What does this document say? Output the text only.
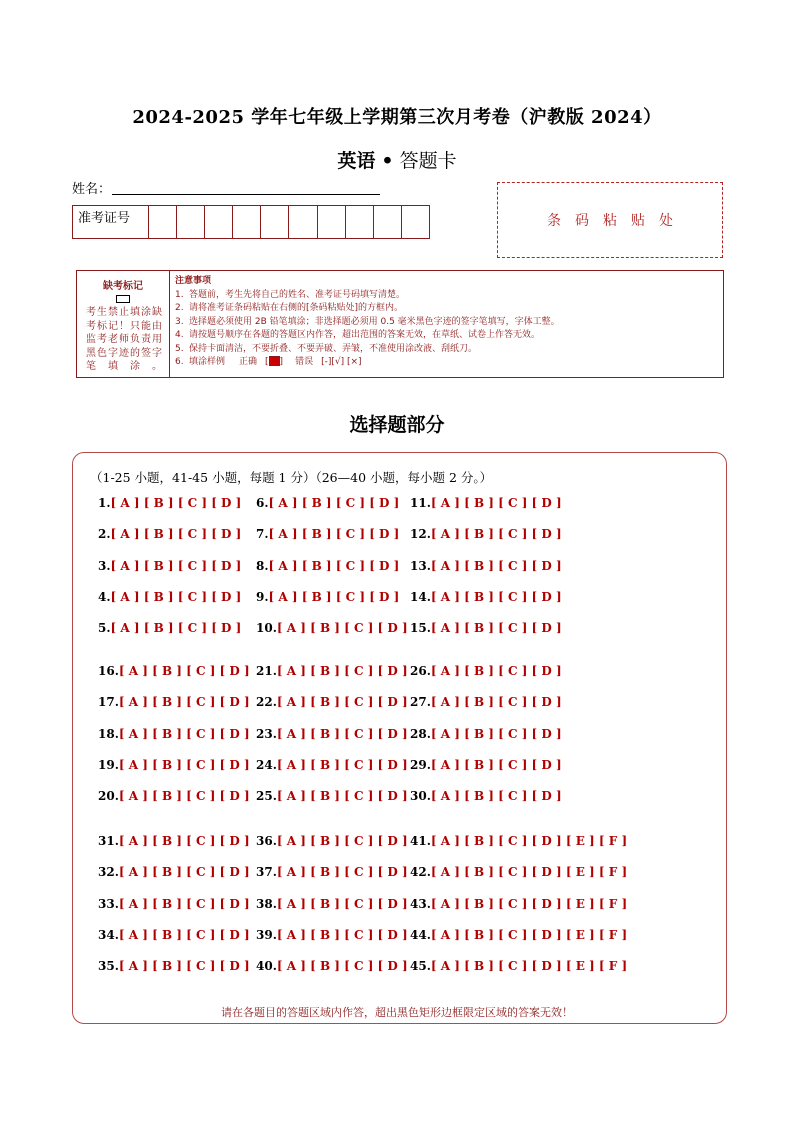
2024-2025 学年七年级上学期第三次月考卷（沪教版 2024）
英语 • 答题卡
姓名：
准考证号	条码粘贴处
缺考标记
考生禁止填涂缺考标记！只能由监考老师负责用黑色字迹的签字笔填涂。
注意事项
1. 答题前，考生先将自己的姓名、准考证号码填写清楚。
2. 请将准考证条码粘贴在右侧的[条码粘贴处]的方框内。
3. 选择题必须使用 2B 铅笔填涂；非选择题必须用 0.5 毫米黑色字迹的签字笔填写，字体工整。
4. 请按题号顺序在各题的答题区内作答，超出范围的答案无效，在草纸、试卷上作答无效。
5. 保持卡面清洁，不要折叠、不要弄破、弄皱，不准使用涂改液、刮纸刀。
6. 填涂样例 正确 [ ] 错误 [-][√] [×]
选择题部分
（1-25 小题，41-45 小题，每题 1 分）（26—40 小题，每小题 2 分。）
1.[ A ] [ B ] [ C ] [ D ]
2.[ A ] [ B ] [ C ] [ D ]
3.[ A ] [ B ] [ C ] [ D ]
4.[ A ] [ B ] [ C ] [ D ]
5.[ A ] [ B ] [ C ] [ D ]
6.[ A ] [ B ] [ C ] [ D ]
7.[ A ] [ B ] [ C ] [ D ]
8.[ A ] [ B ] [ C ] [ D ]
9.[ A ] [ B ] [ C ] [ D ]
10.[ A ] [ B ] [ C ] [ D ]
11.[ A ] [ B ] [ C ] [ D ]
12.[ A ] [ B ] [ C ] [ D ]
13.[ A ] [ B ] [ C ] [ D ]
14.[ A ] [ B ] [ C ] [ D ]
15.[ A ] [ B ] [ C ] [ D ]
16.[ A ] [ B ] [ C ] [ D ]
17.[ A ] [ B ] [ C ] [ D ]
18.[ A ] [ B ] [ C ] [ D ]
19.[ A ] [ B ] [ C ] [ D ]
20.[ A ] [ B ] [ C ] [ D ]
21.[ A ] [ B ] [ C ] [ D ]
22.[ A ] [ B ] [ C ] [ D ]
23.[ A ] [ B ] [ C ] [ D ]
24.[ A ] [ B ] [ C ] [ D ]
25.[ A ] [ B ] [ C ] [ D ]
26.[ A ] [ B ] [ C ] [ D ]
27.[ A ] [ B ] [ C ] [ D ]
28.[ A ] [ B ] [ C ] [ D ]
29.[ A ] [ B ] [ C ] [ D ]
30.[ A ] [ B ] [ C ] [ D ]
31.[ A ] [ B ] [ C ] [ D ]
32.[ A ] [ B ] [ C ] [ D ]
33.[ A ] [ B ] [ C ] [ D ]
34.[ A ] [ B ] [ C ] [ D ]
35.[ A ] [ B ] [ C ] [ D ]
36.[ A ] [ B ] [ C ] [ D ]
37.[ A ] [ B ] [ C ] [ D ]
38.[ A ] [ B ] [ C ] [ D ]
39.[ A ] [ B ] [ C ] [ D ]
40.[ A ] [ B ] [ C ] [ D ]
41.[ A ] [ B ] [ C ] [ D ] [ E ] [ F ]
42.[ A ] [ B ] [ C ] [ D ] [ E ] [ F ]
43.[ A ] [ B ] [ C ] [ D ] [ E ] [ F ]
44.[ A ] [ B ] [ C ] [ D ] [ E ] [ F ]
45.[ A ] [ B ] [ C ] [ D ] [ E ] [ F ]
请在各题目的答题区域内作答，超出黑色矩形边框限定区域的答案无效！
